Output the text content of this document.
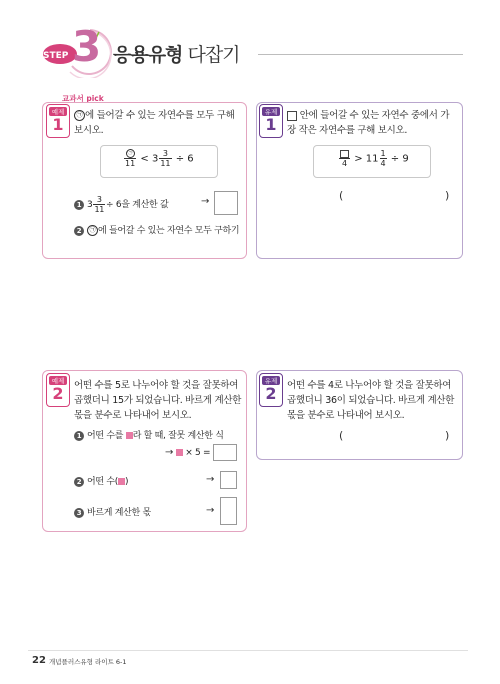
STEP 3 응용유형 다잡기
교과서 pick
예제
1	㉠ 에 들어갈 수 있는 자연수를 모두 구해 보시오.
$\frac{㉠}{11} < 3 \frac{3}{11} \div 6$
1 $3 \frac{3}{11} \div 6$을 계산한 값	→
2 ㉠ 에 들어갈 수 있는 자연수 모두 구하기
유제
1	안에 들어갈 수 있는 자연수 중에서 가장 작은 자연수를 구해 보시오.
$4 > 11 \frac{1}{4} \div 9$
(	)
예제
2	어떤 수를 5로 나누어야 할 것을 잘못하여 곱했더니 15가 되었습니다. 바르게 계산한 몫을 분수로 나타내어 보시오.
1 어떤 수를 라 할 때, 잘못 계산한 식
→ × 5 =
2 어떤 수( )	→
3 바르게 계산한 몫	→
유제
2	어떤 수를 4로 나누어야 할 것을 잘못하여 곱했더니 36이 되었습니다. 바르게 계산한 몫을 분수로 나타내어 보시오.
(	)
22 개념플러스유형 라이트 6-1
